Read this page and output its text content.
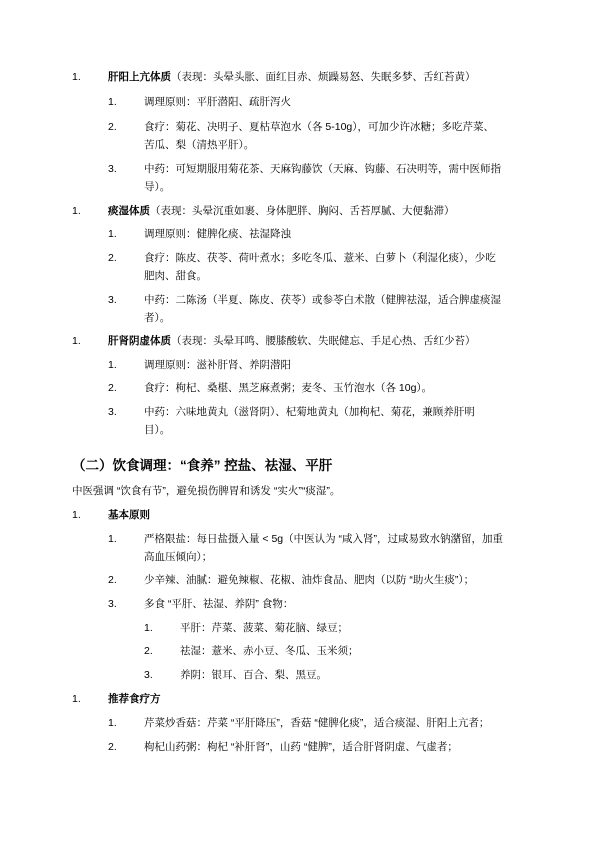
1.	肝阳上亢体质（表现：头晕头胀、面红目赤、烦躁易怒、失眠多梦、舌红苔黄）
1.	调理原则：平肝潜阳、疏肝泻火
2.	食疗：菊花、决明子、夏枯草泡水（各 5-10g），可加少许冰糖；多吃芹菜、
苦瓜、梨（清热平肝）。
3.	中药：可短期服用菊花茶、天麻钩藤饮（天麻、钩藤、石决明等，需中医师指
导）。
1.	痰湿体质（表现：头晕沉重如裹、身体肥胖、胸闷、舌苔厚腻、大便黏滞）
1.	调理原则：健脾化痰、祛湿降浊
2.	食疗：陈皮、茯苓、荷叶煮水；多吃冬瓜、薏米、白萝卜（利湿化痰），少吃
肥肉、甜食。
3.	中药：二陈汤（半夏、陈皮、茯苓）或参苓白术散（健脾祛湿，适合脾虚痰湿
者）。
1.	肝肾阴虚体质（表现：头晕耳鸣、腰膝酸软、失眠健忘、手足心热、舌红少苔）
1.	调理原则：滋补肝肾、养阴潜阳
2.	食疗：枸杞、桑椹、黑芝麻煮粥；麦冬、玉竹泡水（各 10g）。
3.	中药：六味地黄丸（滋肾阴）、杞菊地黄丸（加枸杞、菊花，兼顾养肝明
目）。
（二）饮食调理：“食养” 控盐、祛湿、平肝
中医强调 “饮食有节”，避免损伤脾胃和诱发 “实火”“痰湿”。
1.	基本原则
1.	严格限盐：每日盐摄入量 < 5g（中医认为 “咸入肾”，过咸易致水钠潴留，加重
高血压倾向）；
2.	少辛辣、油腻：避免辣椒、花椒、油炸食品、肥肉（以防 “助火生痰”）；
3.	多食 “平肝、祛湿、养阴” 食物：
1.	平肝：芹菜、菠菜、菊花脑、绿豆；
2.	祛湿：薏米、赤小豆、冬瓜、玉米须；
3.	养阴：银耳、百合、梨、黑豆。
1.	推荐食疗方
1.	芹菜炒香菇：芹菜 “平肝降压”，香菇 “健脾化痰”，适合痰湿、肝阳上亢者；
2.	枸杞山药粥：枸杞 “补肝肾”，山药 “健脾”，适合肝肾阴虚、气虚者；
